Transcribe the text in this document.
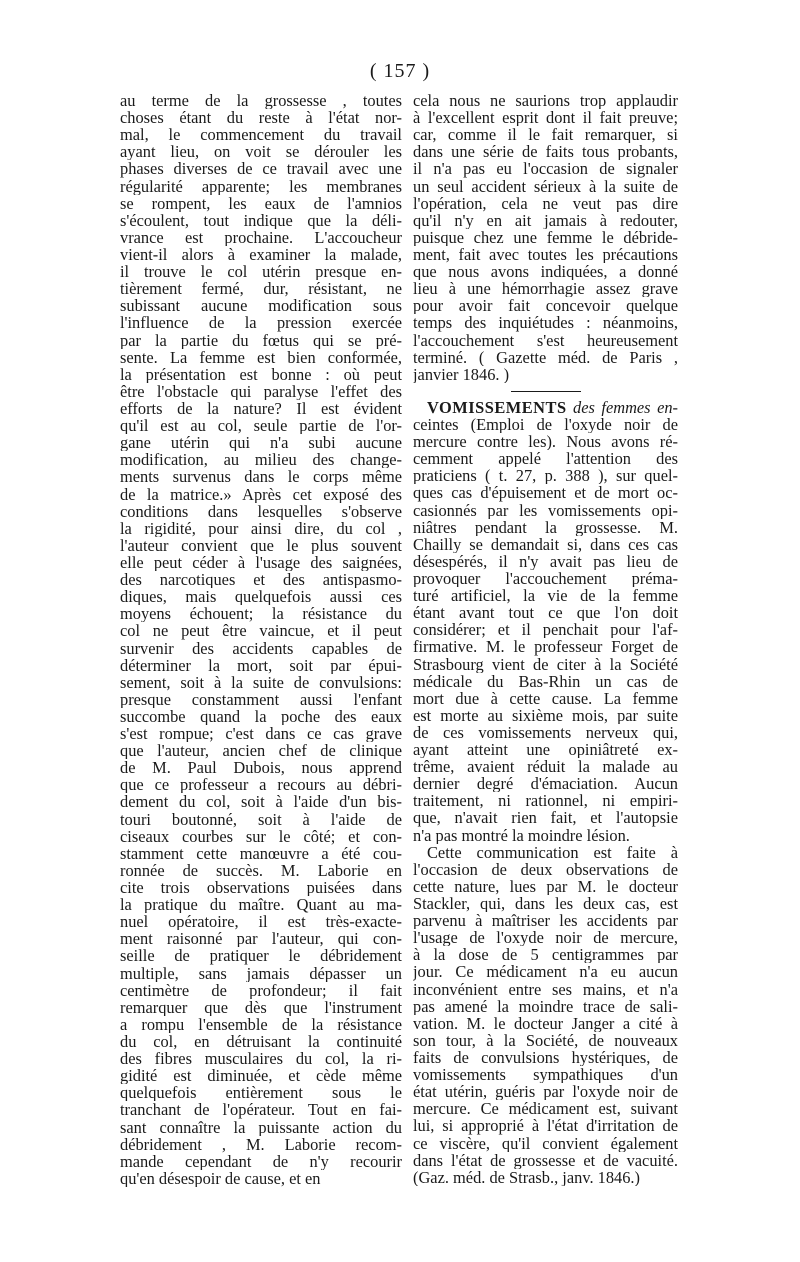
( 157 )
au terme de la grossesse , toutes
choses étant du reste à l'état nor-
mal, le commencement du travail
ayant lieu, on voit se dérouler les
phases diverses de ce travail avec une
régularité apparente; les membranes
se rompent, les eaux de l'amnios
s'écoulent, tout indique que la déli-
vrance est prochaine. L'accoucheur
vient-il alors à examiner la malade,
il trouve le col utérin presque en-
tièrement fermé, dur, résistant, ne
subissant aucune modification sous
l'influence de la pression exercée
par la partie du fœtus qui se pré-
sente. La femme est bien conformée,
la présentation est bonne : où peut
être l'obstacle qui paralyse l'effet des
efforts de la nature? Il est évident
qu'il est au col, seule partie de l'or-
gane utérin qui n'a subi aucune
modification, au milieu des change-
ments survenus dans le corps même
de la matrice.» Après cet exposé des
conditions dans lesquelles s'observe
la rigidité, pour ainsi dire, du col ,
l'auteur convient que le plus souvent
elle peut céder à l'usage des saignées,
des narcotiques et des antispasmo-
diques, mais quelquefois aussi ces
moyens échouent; la résistance du
col ne peut être vaincue, et il peut
survenir des accidents capables de
déterminer la mort, soit par épui-
sement, soit à la suite de convulsions:
presque constamment aussi l'enfant
succombe quand la poche des eaux
s'est rompue; c'est dans ce cas grave
que l'auteur, ancien chef de clinique
de M. Paul Dubois, nous apprend
que ce professeur a recours au débri-
dement du col, soit à l'aide d'un bis-
touri boutonné, soit à l'aide de
ciseaux courbes sur le côté; et con-
stamment cette manœuvre a été cou-
ronnée de succès. M. Laborie en
cite trois observations puisées dans
la pratique du maître. Quant au ma-
nuel opératoire, il est très-exacte-
ment raisonné par l'auteur, qui con-
seille de pratiquer le débridement
multiple, sans jamais dépasser un
centimètre de profondeur; il fait
remarquer que dès que l'instrument
a rompu l'ensemble de la résistance
du col, en détruisant la continuité
des fibres musculaires du col, la ri-
gidité est diminuée, et cède même
quelquefois entièrement sous le
tranchant de l'opérateur. Tout en fai-
sant connaître la puissante action du
débridement , M. Laborie recom-
mande cependant de n'y recourir
qu'en désespoir de cause, et en
cela nous ne saurions trop applaudir
à l'excellent esprit dont il fait preuve;
car, comme il le fait remarquer, si
dans une série de faits tous probants,
il n'a pas eu l'occasion de signaler
un seul accident sérieux à la suite de
l'opération, cela ne veut pas dire
qu'il n'y en ait jamais à redouter,
puisque chez une femme le débride-
ment, fait avec toutes les précautions
que nous avons indiquées, a donné
lieu à une hémorrhagie assez grave
pour avoir fait concevoir quelque
temps des inquiétudes : néanmoins,
l'accouchement s'est heureusement
terminé. ( Gazette méd. de Paris ,
janvier 1846. )
VOMISSEMENTS des femmes en-
ceintes (Emploi de l'oxyde noir de
mercure contre les). Nous avons ré-
cemment appelé l'attention des
praticiens ( t. 27, p. 388 ), sur quel-
ques cas d'épuisement et de mort oc-
casionnés par les vomissements opi-
niâtres pendant la grossesse. M.
Chailly se demandait si, dans ces cas
désespérés, il n'y avait pas lieu de
provoquer l'accouchement préma-
turé artificiel, la vie de la femme
étant avant tout ce que l'on doit
considérer; et il penchait pour l'af-
firmative. M. le professeur Forget de
Strasbourg vient de citer à la Société
médicale du Bas-Rhin un cas de
mort due à cette cause. La femme
est morte au sixième mois, par suite
de ces vomissements nerveux qui,
ayant atteint une opiniâtreté ex-
trême, avaient réduit la malade au
dernier degré d'émaciation. Aucun
traitement, ni rationnel, ni empiri-
que, n'avait rien fait, et l'autopsie
n'a pas montré la moindre lésion.
Cette communication est faite à
l'occasion de deux observations de
cette nature, lues par M. le docteur
Stackler, qui, dans les deux cas, est
parvenu à maîtriser les accidents par
l'usage de l'oxyde noir de mercure,
à la dose de 5 centigrammes par
jour. Ce médicament n'a eu aucun
inconvénient entre ses mains, et n'a
pas amené la moindre trace de sali-
vation. M. le docteur Janger a cité à
son tour, à la Société, de nouveaux
faits de convulsions hystériques, de
vomissements sympathiques d'un
état utérin, guéris par l'oxyde noir de
mercure. Ce médicament est, suivant
lui, si approprié à l'état d'irritation de
ce viscère, qu'il convient également
dans l'état de grossesse et de vacuité.
(Gaz. méd. de Strasb., janv. 1846.)
